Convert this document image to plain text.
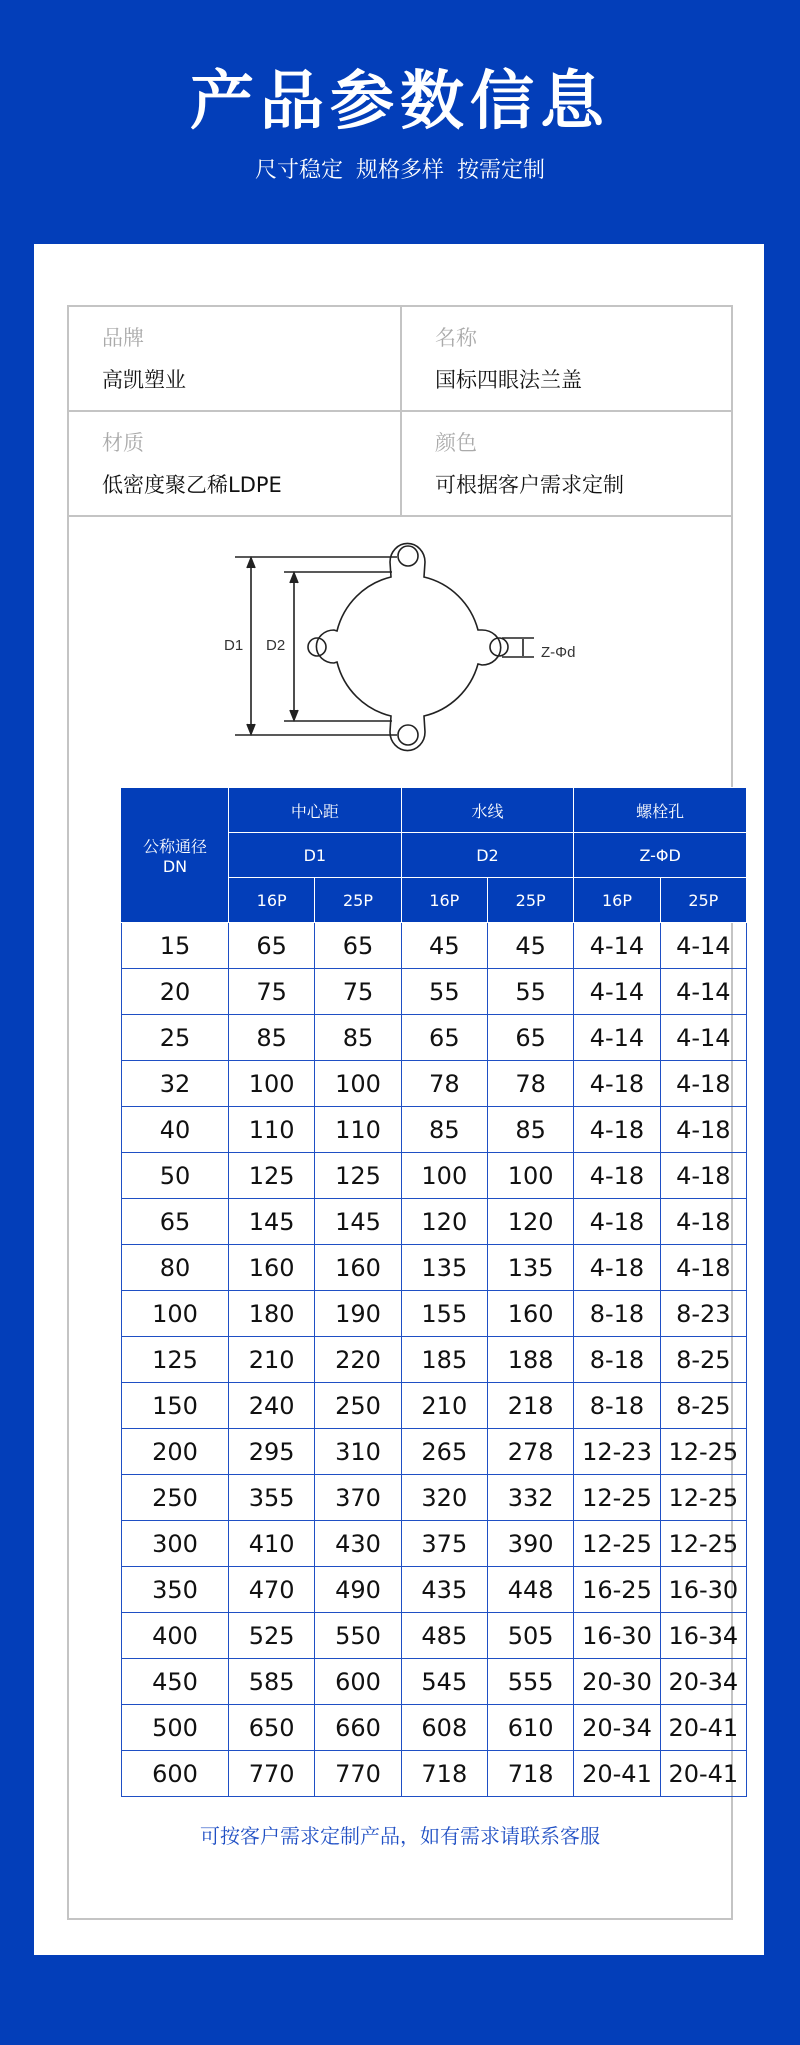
产品参数信息
尺寸稳定 规格多样 按需定制
品牌
高凯塑业
名称
国标四眼法兰盖
材质
低密度聚乙稀LDPE
颜色
可根据客户需求定制
D1 D2	Z-Φd
公称通径
DN	中心距		水线		螺栓孔	
	D1		D2		Z-ΦD	
	16P	25P	16P	25P	16P	25P
15	65	65	45	45	4-14	4-14
20	75	75	55	55	4-14	4-14
25	85	85	65	65	4-14	4-14
32	100	100	78	78	4-18	4-18
40	110	110	85	85	4-18	4-18
50	125	125	100	100	4-18	4-18
65	145	145	120	120	4-18	4-18
80	160	160	135	135	4-18	4-18
100	180	190	155	160	8-18	8-23
125	210	220	185	188	8-18	8-25
150	240	250	210	218	8-18	8-25
200	295	310	265	278	12-23	12-25
250	355	370	320	332	12-25	12-25
300	410	430	375	390	12-25	12-25
350	470	490	435	448	16-25	16-30
400	525	550	485	505	16-30	16-34
450	585	600	545	555	20-30	20-34
500	650	660	608	610	20-34	20-41
600	770	770	718	718	20-41	20-41
可按客户需求定制产品，如有需求请联系客服
